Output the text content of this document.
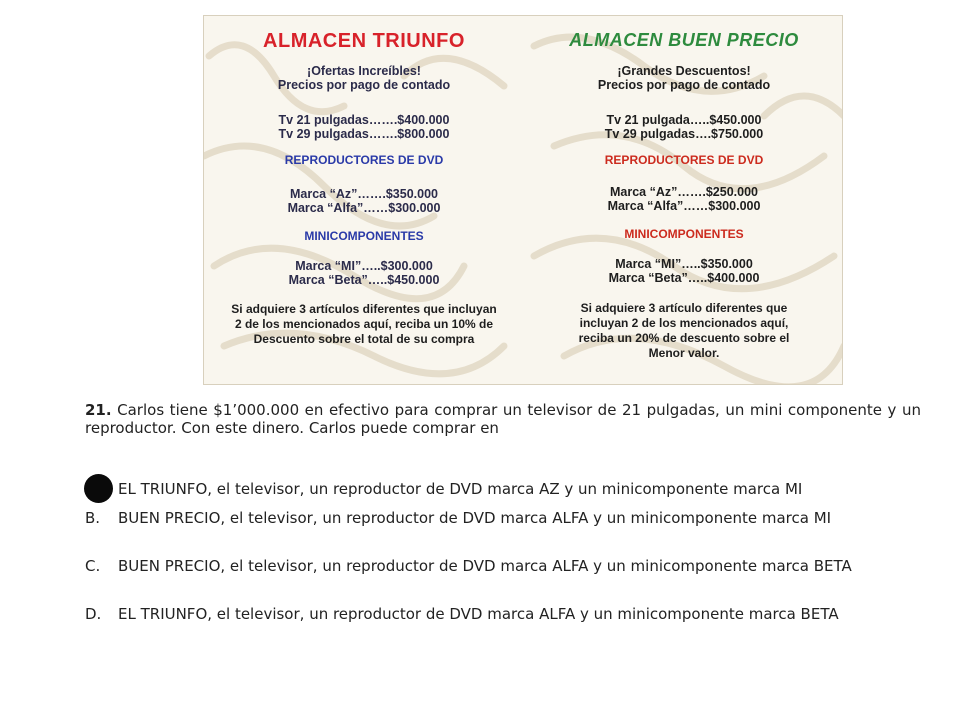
ALMACEN TRIUNFO
¡Ofertas Increíbles!
Precios por pago de contado
Tv 21 pulgadas…….$400.000
Tv 29 pulgadas…….$800.000
REPRODUCTORES DE DVD
Marca “Az”…….$350.000
Marca “Alfa”……$300.000
MINICOMPONENTES
Marca “MI”…..$300.000
Marca “Beta”…..$450.000
Si adquiere 3 artículos diferentes que incluyan
2 de los mencionados aquí, reciba un 10% de
Descuento sobre el total de su compra
ALMACEN BUEN PRECIO
¡Grandes Descuentos!
Precios por pago de contado
Tv 21 pulgada…..$450.000
Tv 29 pulgadas….$750.000
REPRODUCTORES DE DVD
Marca “Az”…….$250.000
Marca “Alfa”……$300.000
MINICOMPONENTES
Marca “MI”…..$350.000
Marca “Beta”…..$400.000
Si adquiere 3 artículo diferentes que
incluyan 2 de los mencionados aquí,
reciba un 20% de descuento sobre el
Menor valor.
21. Carlos tiene $1’000.000 en efectivo para comprar un televisor de 21 pulgadas, un mini componente y un reproductor. Con este dinero. Carlos puede comprar en
EL TRIUNFO, el televisor, un reproductor de DVD marca AZ y un minicomponente marca MI
B.	BUEN PRECIO, el televisor, un reproductor de DVD marca ALFA y un minicomponente marca MI
C.	BUEN PRECIO, el televisor, un reproductor de DVD marca ALFA y un minicomponente marca BETA
D.	EL TRIUNFO, el televisor, un reproductor de DVD marca ALFA y un minicomponente marca BETA
